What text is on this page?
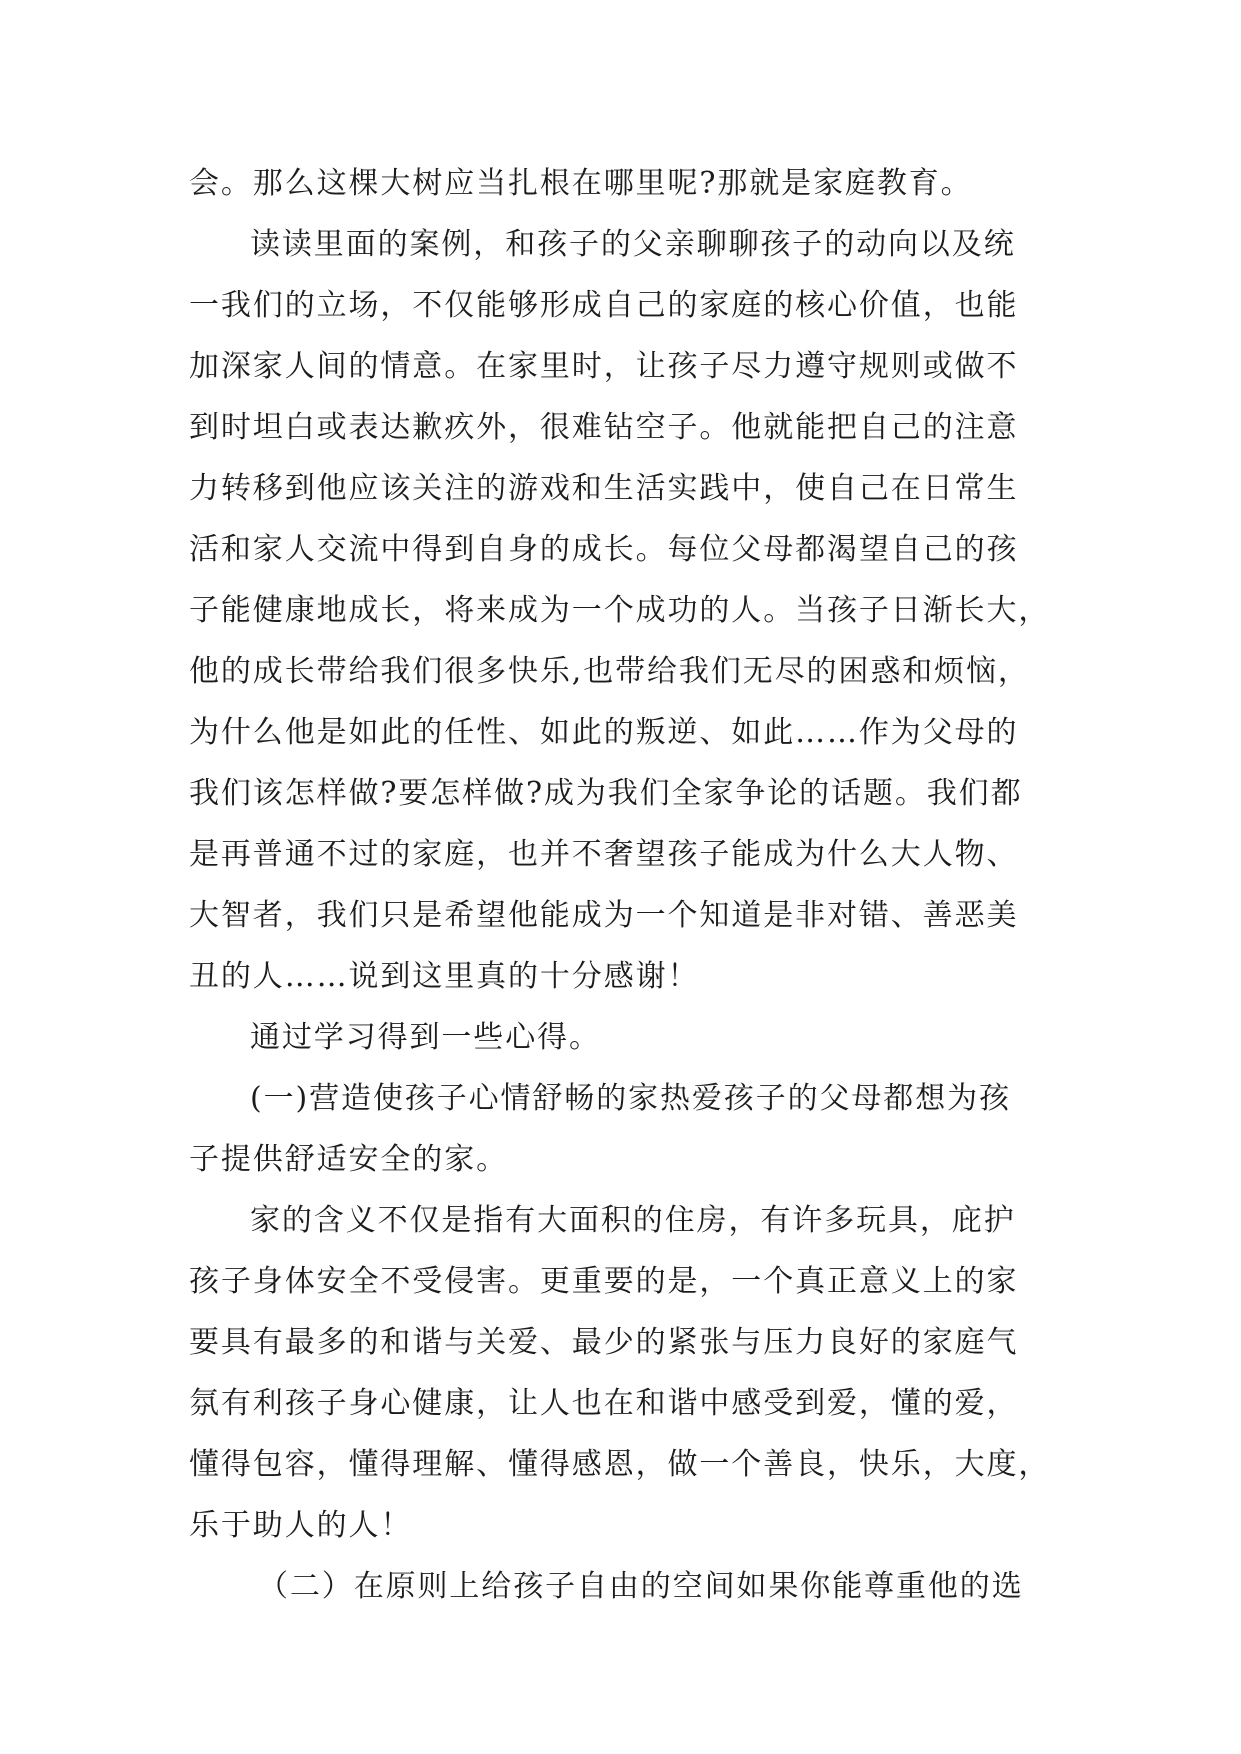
会。那么这棵大树应当扎根在哪里呢?那就是家庭教育。
读读里面的案例，和孩子的父亲聊聊孩子的动向以及统
一我们的立场，不仅能够形成自己的家庭的核心价值，也能
加深家人间的情意。在家里时，让孩子尽力遵守规则或做不
到时坦白或表达歉疚外，很难钻空子。他就能把自己的注意
力转移到他应该关注的游戏和生活实践中，使自己在日常生
活和家人交流中得到自身的成长。每位父母都渴望自己的孩
子能健康地成长，将来成为一个成功的人。当孩子日渐长大，
他的成长带给我们很多快乐,也带给我们无尽的困惑和烦恼，
为什么他是如此的任性、如此的叛逆、如此……作为父母的
我们该怎样做?要怎样做?成为我们全家争论的话题。我们都
是再普通不过的家庭，也并不奢望孩子能成为什么大人物、
大智者，我们只是希望他能成为一个知道是非对错、善恶美
丑的人……说到这里真的十分感谢！
通过学习得到一些心得。
(一)营造使孩子心情舒畅的家热爱孩子的父母都想为孩
子提供舒适安全的家。
家的含义不仅是指有大面积的住房，有许多玩具，庇护
孩子身体安全不受侵害。更重要的是，一个真正意义上的家
要具有最多的和谐与关爱、最少的紧张与压力良好的家庭气
氛有利孩子身心健康，让人也在和谐中感受到爱，懂的爱，
懂得包容，懂得理解、懂得感恩，做一个善良，快乐，大度，
乐于助人的人！
（二）在原则上给孩子自由的空间如果你能尊重他的选
